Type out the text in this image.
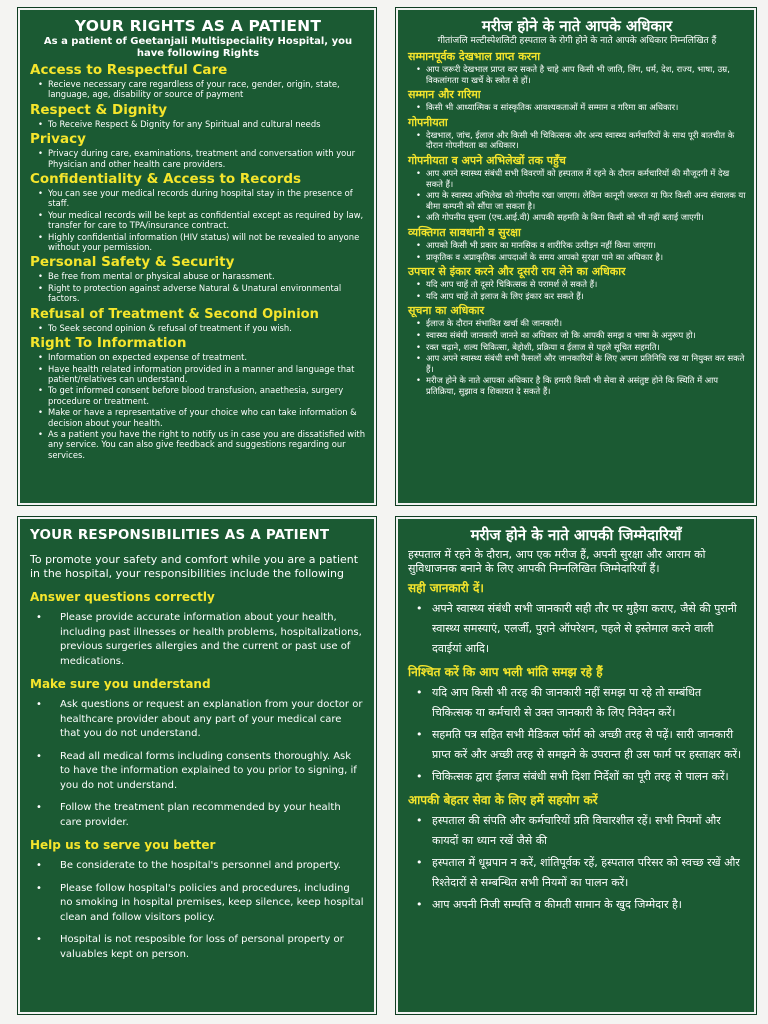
YOUR RIGHTS AS A PATIENT
As a patient of Geetanjali Multispeciality Hospital, you have following Rights
Access to Respectful Care
• Recieve necessary care regardless of your race, gender, origin, state, language, age, disability or source of payment
Respect & Dignity
• To Receive Respect & Dignity for any Spiritual and cultural needs
Privacy
• Privacy during care, examinations, treatment and conversation with your Physician and other health care providers.
Confidentiality & Access to Records
• You can see your medical records during hospital stay in the presence of staff.
• Your medical records will be kept as confidential except as required by law, transfer for care to TPA/insurance contract.
• Highly confidential information (HIV status) will not be revealed to anyone without your permission.
Personal Safety & Security
• Be free from mental or physical abuse or harassment.
• Right to protection against adverse Natural & Unatural environmental factors.
Refusal of Treatment & Second Opinion
• To Seek second opinion & refusal of treatment if you wish.
Right To Information
• Information on expected expense of treatment.
• Have health related information provided in a manner and language that patient/relatives can understand.
• To get informed consent before blood transfusion, anaethesia, surgery procedure or treatment.
• Make or have a representative of your choice who can take information & decision about your health.
• As a patient you have the right to notify us in case you are dissatisfied with any service. You can also give feedback and suggestions regarding our services.
मरीज होने के नाते आपके अधिकार
गीतांजलि मल्टीस्पेशलिटी हस्पताल के रोगी होने के नाते आपके अधिकार निम्नलिखित हैं
सम्मानपूर्वक देखभाल प्राप्त करना
• आप जरूरी देखभाल प्राप्त कर सकते है चाहे आप किसी भी जाति, लिंग, धर्म, देश, राज्य, भाषा, उम्र, विकलांगता या खर्चे के स्त्रोत से हों।
सम्मान और गरिमा
• किसी भी आध्यात्मिक व सांस्कृतिक आवश्यकताओं में सम्मान व गरिमा का अधिकार।
गोपनीयता
• देखभाल, जांच, ईलाज और किसी भी चिकित्सक और अन्य स्वास्थ्य कर्मचारियों के साथ पूरी बातचीत के दौरान गोपनीयता का अधिकार।
गोपनीयता व अपने अभिलेखों तक पहुँच
• आप अपने स्वास्थ्य संबंधी सभी विवरणों को हस्पताल में रहने के दौरान कर्मचारियों की मौजूदगी में देख सकते हैं।
• आप के स्वास्थ्य अभिलेख को गोपनीय रखा जाएगा। लेकिन कानूनी जरूरत या फिर किसी अन्य संचालक या बीमा कम्पनी को सौंपा जा सकता है।
• अति गोपनीय सुचना (एच.आई.वी) आपकी सहमति के बिना किसी को भी नहीं बताई जाएगी।
व्यक्तिगत सावधानी व सुरक्षा
• आपको किसी भी प्रकार का मानसिक व शारीरिक उत्पीड़न नहीं किया जाएगा।
• प्राकृतिक व अप्राकृतिक आपदाओं के समय आपको सुरक्षा पाने का अधिकार है।
उपचार से इंकार करने और दूसरी राय लेने का अधिकार
• यदि आप चाहें तो दूसरे चिकित्सक से परामर्श ले सकते हैं।
• यदि आप चाहें तो इलाज के लिए इंकार कर सकते हैं।
सूचना का अधिकार
• ईलाज के दौरान संभावित खर्चा की जानकारी।
• स्वास्थ्य संबंधी जानकारी जानने का अधिकार जो कि आपकी समझ व भाषा के अनुरूप हो।
• रक्त चढ़ाने, शल्य चिकित्सा, बेहोशी, प्रक्रिया व ईलाज से पहले सूचित सहमति।
• आप अपने स्वास्थ्य संबंधी सभी फैसलों और जानकारियों के लिए अपना प्रतिनिधि रख या नियुक्त कर सकते हैं।
• मरीज होने के नाते आपका अधिकार है कि हमारी किसी भी सेवा से असंतुष्ट होने कि स्थिति में आप प्रतिक्रिया, सुझाव व शिकायत दे सकते हैं।
YOUR RESPONSIBILITIES AS A PATIENT
To promote your safety and comfort while you are a patient in the hospital, your responsibilities include the following
Answer questions correctly
• Please provide accurate information about your health, including past illnesses or health problems, hospitalizations, previous surgeries allergies and the current or past use of medications.
Make sure you understand
• Ask questions or request an explanation from your doctor or healthcare provider about any part of your medical care that you do not understand.
• Read all medical forms including consents thoroughly. Ask to have the information explained to you prior to signing, if you do not understand.
• Follow the treatment plan recommended by your health care provider.
Help us to serve you better
• Be considerate to the hospital's personnel and property.
• Please follow hospital's policies and procedures, including no smoking in hospital premises, keep silence, keep hospital clean and follow visitors policy.
• Hospital is not resposible for loss of personal property or valuables kept on person.
मरीज होने के नाते आपकी जिम्मेदारियाँ
हस्पताल में रहने के दौरान, आप एक मरीज हैं, अपनी सुरक्षा और आराम को सुविधाजनक बनाने के लिए आपकी निम्नलिखित जिम्मेदारियाँ हैं।
सही जानकारी दें।
• अपने स्वास्थ्य संबंधी सभी जानकारी सही तौर पर मुहैया कराए, जैसे की पुरानी स्वास्थ्य समस्याएं, एलर्जी, पुराने ऑपरेशन, पहले से इस्तेमाल करने वाली दवाईयां आदि।
निश्चित करें कि आप भली भांति समझ रहे हैं
• यदि आप किसी भी तरह की जानकारी नहीं समझ पा रहे तो सम्बंधित चिकित्सक या कर्मचारी से उक्त जानकारी के लिए निवेदन करें।
• सहमति पत्र सहित सभी मैडिकल फॉर्म को अच्छी तरह से पढ़ें। सारी जानकारी प्राप्त करें और अच्छी तरह से समझने के उपरान्त ही उस फार्म पर हस्ताक्षर करें।
• चिकित्सक द्वारा ईलाज संबंधी सभी दिशा निर्देशों का पूरी तरह से पालन करें।
आपकी बेहतर सेवा के लिए हमें सहयोग करें
• हस्पताल की संपति और कर्मचारियों प्रति विचारशील रहें। सभी नियमों और कायदों का ध्यान रखें जैसे की
• हस्पताल में धूम्रपान न करें, शांतिपूर्वक रहें, हस्पताल परिसर को स्वच्छ रखें और रिश्तेदारों से सम्बन्धित सभी नियमों का पालन करें।
• आप अपनी निजी सम्पत्ति व कीमती सामान के खुद जिम्मेदार है।
